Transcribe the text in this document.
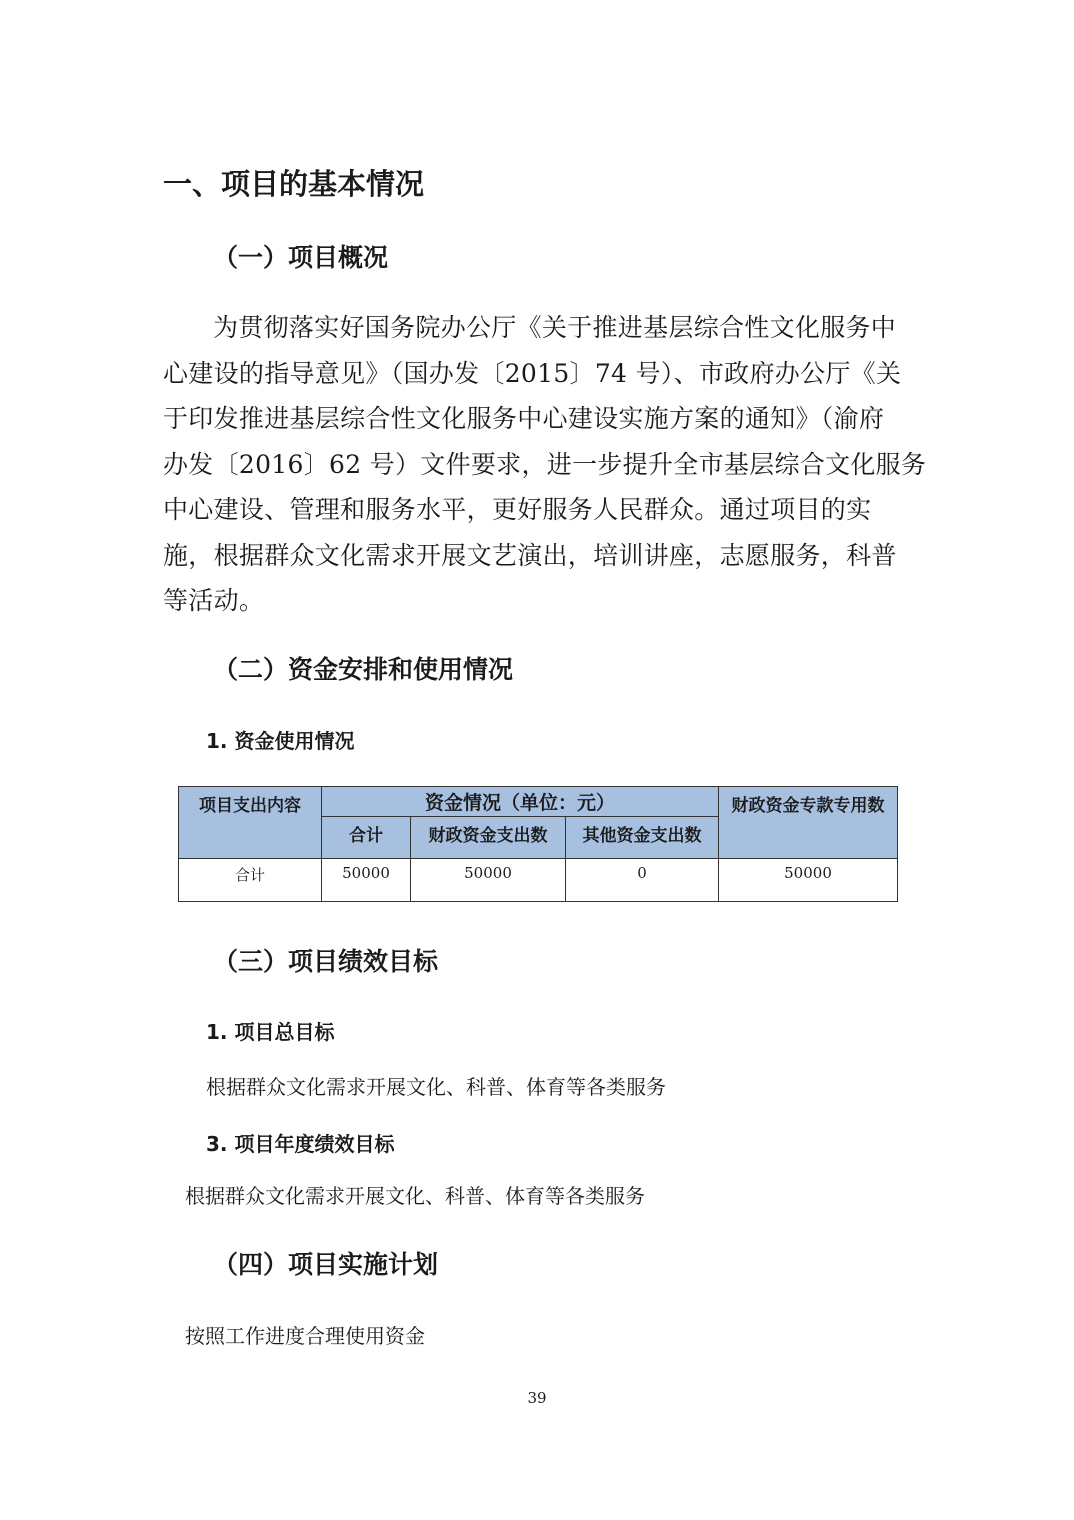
一、项目的基本情况
（一）项目概况
为贯彻落实好国务院办公厅《关于推进基层综合性文化服务中
心建设的指导意见》（国办发〔2015〕74 号）、市政府办公厅《关
于印发推进基层综合性文化服务中心建设实施方案的通知》（渝府
办发〔2016〕62 号）文件要求，进一步提升全市基层综合文化服务
中心建设、管理和服务水平，更好服务人民群众。通过项目的实
施，根据群众文化需求开展文艺演出，培训讲座，志愿服务，科普
等活动。
（二）资金安排和使用情况
1. 资金使用情况
项目支出内容	资金情况（单位：元）			财政资金专款专用数
	合计	财政资金支出数	其他资金支出数	
合计	50000	50000	0	50000
（三）项目绩效目标
1. 项目总目标
根据群众文化需求开展文化、科普、体育等各类服务
3. 项目年度绩效目标
根据群众文化需求开展文化、科普、体育等各类服务
（四）项目实施计划
按照工作进度合理使用资金
39
